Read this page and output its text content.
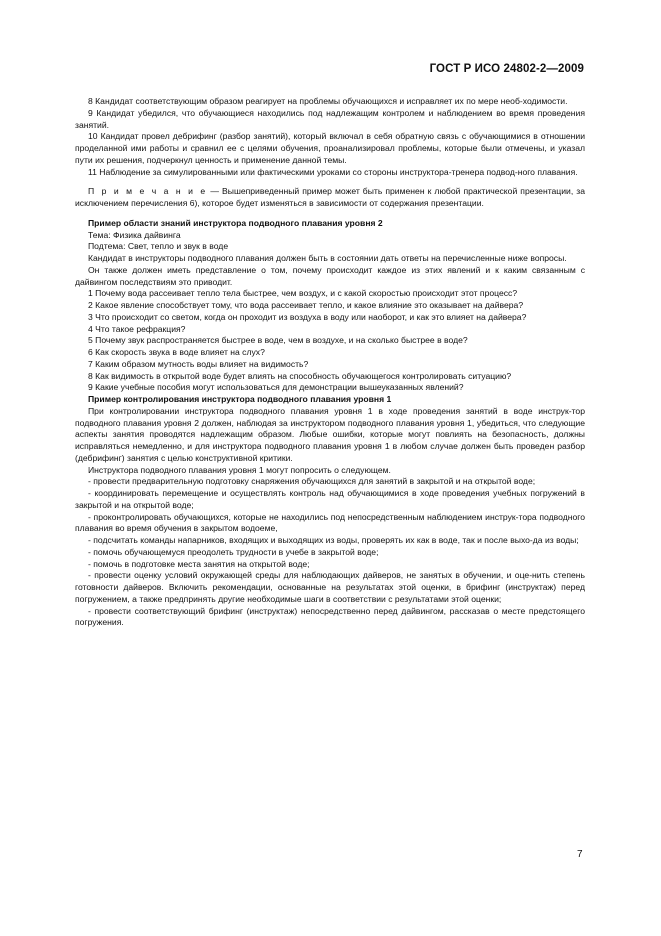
ГОСТ Р ИСО 24802-2—2009

8 Кандидат соответствующим образом реагирует на проблемы обучающихся и исправляет их по мере необ-ходимости.

9 Кандидат убедился, что обучающиеся находились под надлежащим контролем и наблюдением во время проведения занятий.

10 Кандидат провел дебрифинг (разбор занятий), который включал в себя обратную связь с обучающимися в отношении проделанной ими работы и сравнил ее с целями обучения, проанализировал проблемы, которые были отмечены, и указал пути их решения, подчеркнул ценность и применение данной темы.

11 Наблюдение за симулированными или фактическими уроками со стороны инструктора-тренера подвод-ного плавания.

П р и м е ч а н и е — Вышеприведенный пример может быть применен к любой практической презентации, за исключением перечисления 6), которое будет изменяться в зависимости от содержания презентации.

Пример области знаний инструктора подводного плавания уровня 2

Тема: Физика дайвинга

Подтема: Свет, тепло и звук в воде

Кандидат в инструкторы подводного плавания должен быть в состоянии дать ответы на перечисленные ниже вопросы.

Он также должен иметь представление о том, почему происходит каждое из этих явлений и к каким связанным с дайвингом последствиям это приводит.

1 Почему вода рассеивает тепло тела быстрее, чем воздух, и с какой скоростью происходит этот процесс?

2 Какое явление способствует тому, что вода рассеивает тепло, и какое влияние это оказывает на дайвера?

3 Что происходит со светом, когда он проходит из воздуха в воду или наоборот, и как это влияет на дайвера?

4 Что такое рефракция?

5 Почему звук распространяется быстрее в воде, чем в воздухе, и на сколько быстрее в воде?

6 Как скорость звука в воде влияет на слух?

7 Каким образом мутность воды влияет на видимость?

8 Как видимость в открытой воде будет влиять на способность обучающегося контролировать ситуацию?

9 Какие учебные пособия могут использоваться для демонстрации вышеуказанных явлений?

Пример контролирования инструктора подводного плавания уровня 1

При контролировании инструктора подводного плавания уровня 1 в ходе проведения занятий в воде инструк-тор подводного плавания уровня 2 должен, наблюдая за инструктором подводного плавания уровня 1, убедиться, что следующие аспекты занятия проводятся надлежащим образом. Любые ошибки, которые могут повлиять на безопасность, должны исправляться немедленно, и для инструктора подводного плавания уровня 1 в любом случае должен быть проведен разбор (дебрифинг) занятия с целью конструктивной критики.

Инструктора подводного плавания уровня 1 могут попросить о следующем.

- провести предварительную подготовку снаряжения обучающихся для занятий в закрытой и на открытой воде;

- координировать перемещение и осуществлять контроль над обучающимися в ходе проведения учебных погружений в закрытой и на открытой воде;

- проконтролировать обучающихся, которые не находились под непосредственным наблюдением инструк-тора подводного плавания во время обучения в закрытом водоеме,

- подсчитать команды напарников, входящих и выходящих из воды, проверять их как в воде, так и после выхо-да из воды;

- помочь обучающемуся преодолеть трудности в учебе в закрытой воде;

- помочь в подготовке места занятия на открытой воде;

- провести оценку условий окружающей среды для наблюдающих дайверов, не занятых в обучении, и оце-нить степень готовности дайверов. Включить рекомендации, основанные на результатах этой оценки, в брифинг (инструктаж) перед погружением, а также предпринять другие необходимые шаги в соответствии с результатами этой оценки;

- провести соответствующий брифинг (инструктаж) непосредственно перед дайвингом, рассказав о месте предстоящего погружения.

7
